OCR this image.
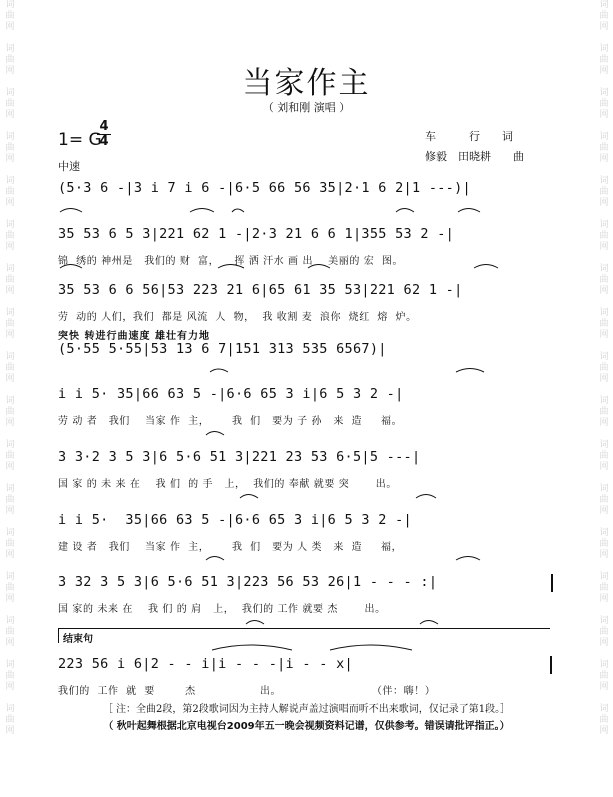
词曲网
词曲网
词曲网
词曲网
词曲网
词曲网
词曲网
词曲网
词曲网
词曲网
词曲网
词曲网
词曲网
词曲网
词曲网
词曲网
词曲网
词曲网
词曲网
词曲网
词曲网
词曲网
词曲网
词曲网
词曲网
词曲网
词曲网
词曲网
词曲网
词曲网
词曲网
词曲网
词曲网
词曲网
当家作主
（ 刘和刚 演唱 ）
1= G
4
4
中速
车　　　行　　词
修毅　田晓耕　　曲
(5·3 6 -|3 i 7 i 6 -|6·5 66 56 35|2·1 6 2|1 ---)|
35 53 6 5 3|221 62 1 -|2·3 21 6 6 1|355 53 2 -|
锦  绣的 神州是   我们的 财  富，    挥 洒 汗水 画 出    美丽的 宏  图。
35 53 6 6 56|53 223 21 6|65 61 35 53|221 62 1 -|
劳  动的 人们，我们  都是 风流  人  物，  我 收割 麦  浪你  烧红  熔  炉。
突快 转进行曲速度 雄壮有力地
(5·55 5·55|53 13 6 7|151 313 535 6567)|
i i 5· 35|66 63 5 -|6·6 65 3 i|6 5 3 2 -|
劳 动 者   我们    当家 作  主，      我  们   要为 子 孙   来  造     福。
3 3·2 3 5 3|6 5·6 51 3|221 23 53 6·5|5 ---|
国 家 的 未 来 在    我 们  的 手   上，  我们的 奉献 就要 突       出。
i i 5·  35|66 63 5 -|6·6 65 3 i|6 5 3 2 -|
建 设 者   我们    当家 作  主，      我  们   要为 人 类   来  造     福，
3 32 3 5 3|6 5·6 51 3|223 56 53 26|1 - - - :|
国 家的 未来 在    我 们 的 肩   上，  我们的 工作 就要 杰       出。
结束句
223 56 i 6|2 - - i|i - - -|i - - x|
我们的  工作  就  要        杰                 出。                        （伴：嗨！）
［ 注：全曲2段，第2段歌词因为主持人解说声盖过演唱而听不出来歌词，仅记录了第1段。］
（ 秋叶起舞根据北京电视台2009年五一晚会视频资料记谱，仅供参考。错误请批评指正。）
